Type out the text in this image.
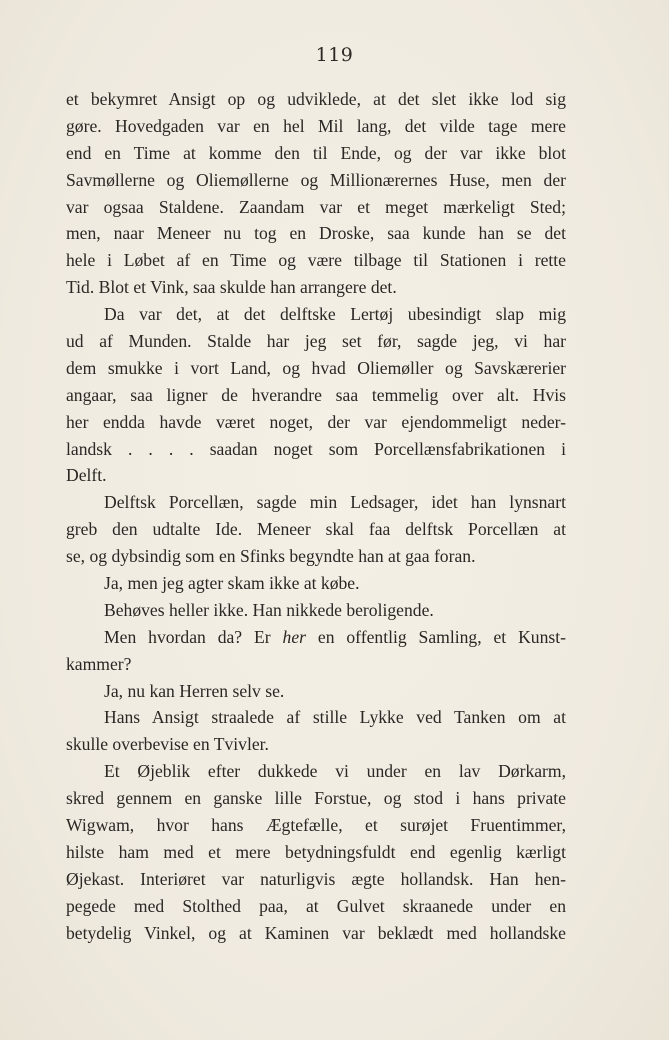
119
et bekymret Ansigt op og udviklede, at det slet ikke lod sig
gøre. Hovedgaden var en hel Mil lang, det vilde tage mere
end en Time at komme den til Ende, og der var ikke blot
Savmøllerne og Oliemøllerne og Millionærernes Huse, men der
var ogsaa Staldene. Zaandam var et meget mærkeligt Sted;
men, naar Meneer nu tog en Droske, saa kunde han se det
hele i Løbet af en Time og være tilbage til Stationen i rette
Tid. Blot et Vink, saa skulde han arrangere det.
Da var det, at det delftske Lertøj ubesindigt slap mig
ud af Munden. Stalde har jeg set før, sagde jeg, vi har
dem smukke i vort Land, og hvad Oliemøller og Savskærerier
angaar, saa ligner de hverandre saa temmelig over alt. Hvis
her endda havde været noget, der var ejendommeligt neder-
landsk . . . . saadan noget som Porcellænsfabrikationen i
Delft.
Delftsk Porcellæn, sagde min Ledsager, idet han lynsnart
greb den udtalte Ide. Meneer skal faa delftsk Porcellæn at
se, og dybsindig som en Sfinks begyndte han at gaa foran.
Ja, men jeg agter skam ikke at købe.
Behøves heller ikke. Han nikkede beroligende.
Men hvordan da? Er her en offentlig Samling, et Kunst-
kammer?
Ja, nu kan Herren selv se.
Hans Ansigt straalede af stille Lykke ved Tanken om at
skulle overbevise en Tvivler.
Et Øjeblik efter dukkede vi under en lav Dørkarm,
skred gennem en ganske lille Forstue, og stod i hans private
Wigwam, hvor hans Ægtefælle, et surøjet Fruentimmer,
hilste ham med et mere betydningsfuldt end egenlig kærligt
Øjekast. Interiøret var naturligvis ægte hollandsk. Han hen-
pegede med Stolthed paa, at Gulvet skraanede under en
betydelig Vinkel, og at Kaminen var beklædt med hollandske
